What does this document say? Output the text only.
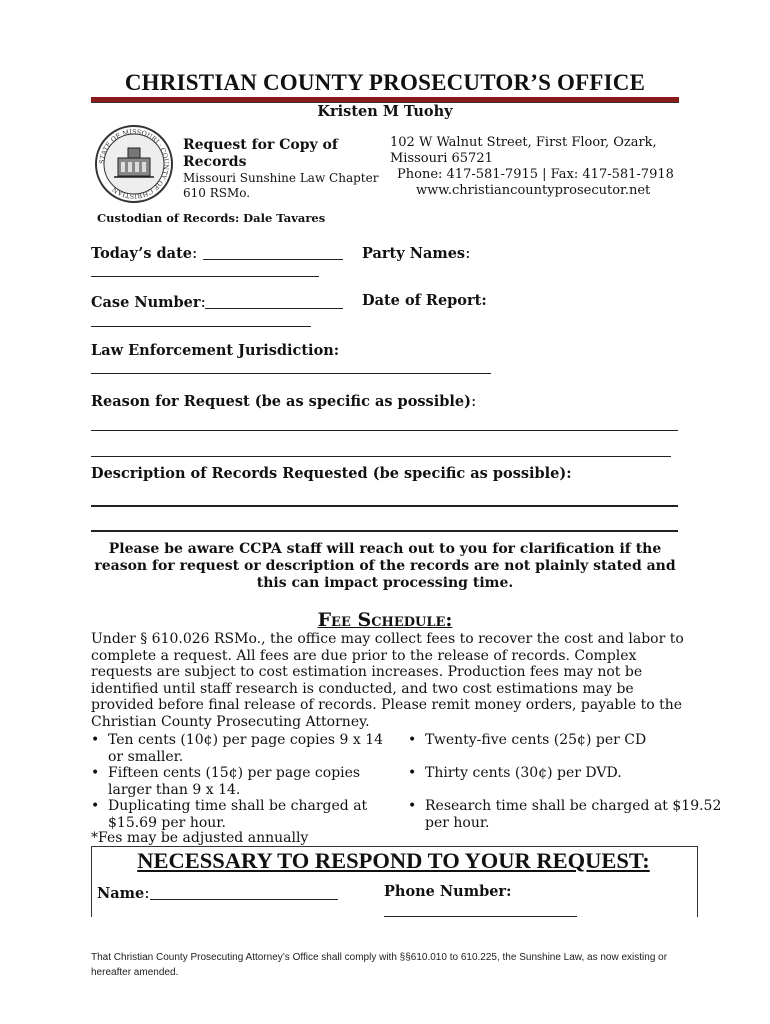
CHRISTIAN COUNTY PROSECUTOR’S OFFICE
Kristen M Tuohy
STATE OF MISSOURI · COUNTY OF CHRISTIAN
Request for Copy of Records
Missouri Sunshine Law Chapter 610 RSMo.
102 W Walnut Street, First Floor, Ozark,
Missouri 65721
Phone: 417-581-7915 | Fax: 417-581-7918
www.christiancountyprosecutor.net
Custodian of Records: Dale Tavares
Today’s date:	Party Names:
Case Number:	Date of Report:
Law Enforcement Jurisdiction:
Reason for Request (be as specific as possible):
Description of Records Requested (be specific as possible):
Please be aware CCPA staff will reach out to you for clarification if the reason for request or description of the records are not plainly stated and this can impact processing time.
Fee Schedule:
Under § 610.026 RSMo., the office may collect fees to recover the cost and labor to complete a request. All fees are due prior to the release of records. Complex requests are subject to cost estimation increases. Production fees may not be identified until staff research is conducted, and two cost estimations may be provided before final release of records. Please remit money orders, payable to the Christian County Prosecuting Attorney.
• Ten cents (10¢) per page copies 9 x 14 or smaller.
• Fifteen cents (15¢) per page copies larger than 9 x 14.
• Duplicating time shall be charged at $15.69 per hour.
• Twenty-five cents (25¢) per CD
• Thirty cents (30¢) per DVD.
• Research time shall be charged at $19.52 per hour.
*Fes may be adjusted annually
NECESSARY TO RESPOND TO YOUR REQUEST:
Name:	Phone Number:
That Christian County Prosecuting Attorney’s Office shall comply with §§610.010 to 610.225, the Sunshine Law, as now existing or hereafter amended.
